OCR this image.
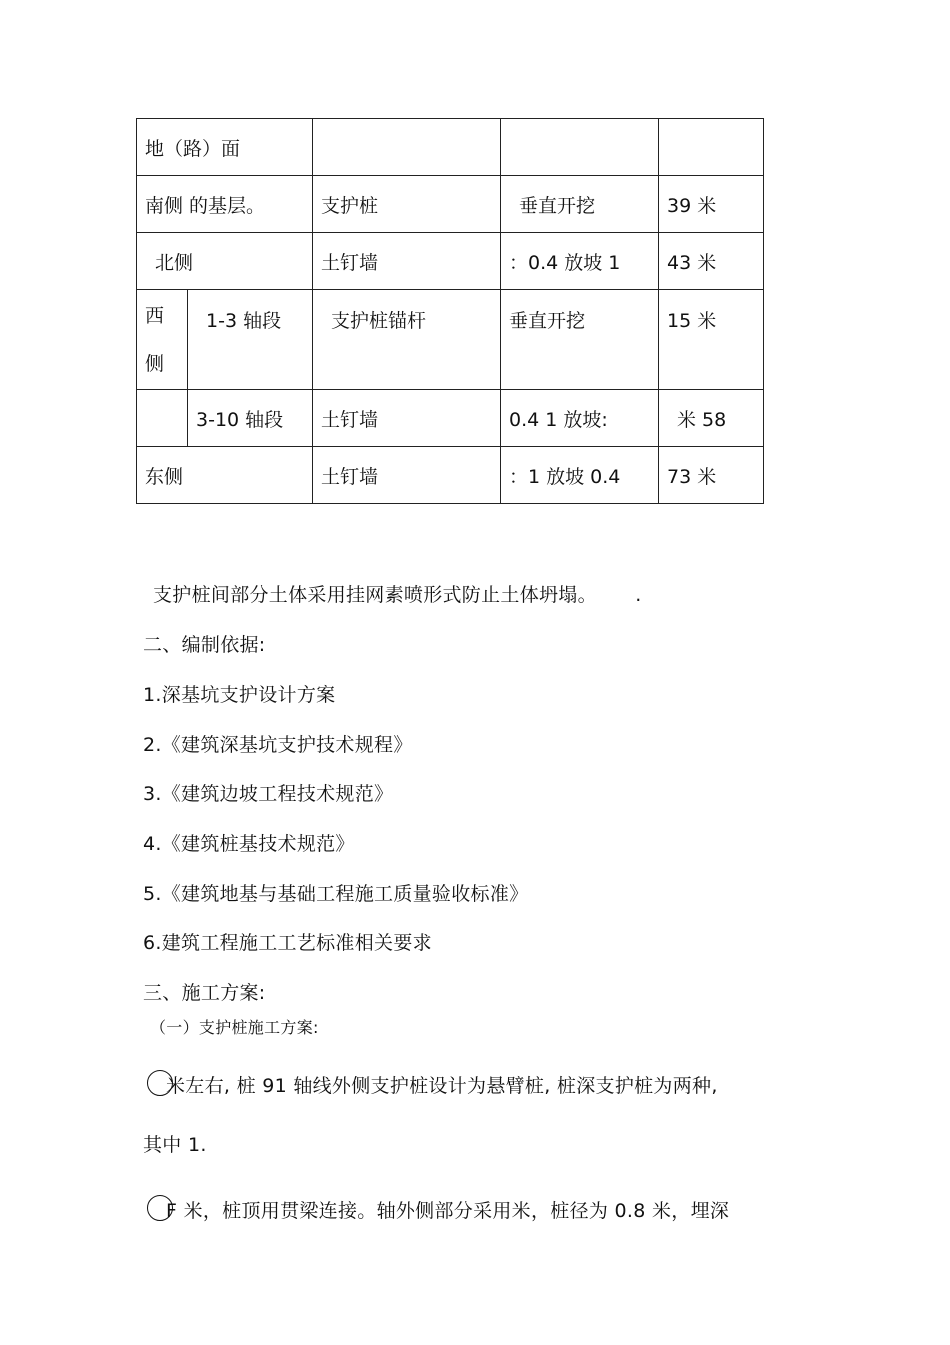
地（路）面				
南侧 的基层。		支护桩	垂直开挖	39 米
北侧		土钉墙	：0.4 放坡 1	43 米

西侧	1-3 轴段	支护桩锚杆	垂直开挖	15 米
	3-10 轴段	土钉墙	0.4 1 放坡:	米 58
东侧		土钉墙	：1 放坡 0.4	73 米
支护桩间部分土体采用挂网素喷形式防止土体坍塌。 .
二、编制依据:
1.深基坑支护设计方案
2.《建筑深基坑支护技术规程》
3.《建筑边坡工程技术规范》
4.《建筑桩基技术规范》
5.《建筑地基与基础工程施工质量验收标准》
6.建筑工程施工工艺标准相关要求
三、施工方案:
（一）支护桩施工方案:
米左右, 桩 91 轴线外侧支护桩设计为悬臂桩, 桩深支护桩为两种,
其中 1.
F 米，桩顶用贯梁连接。轴外侧部分采用米，桩径为 0.8 米，埋深
